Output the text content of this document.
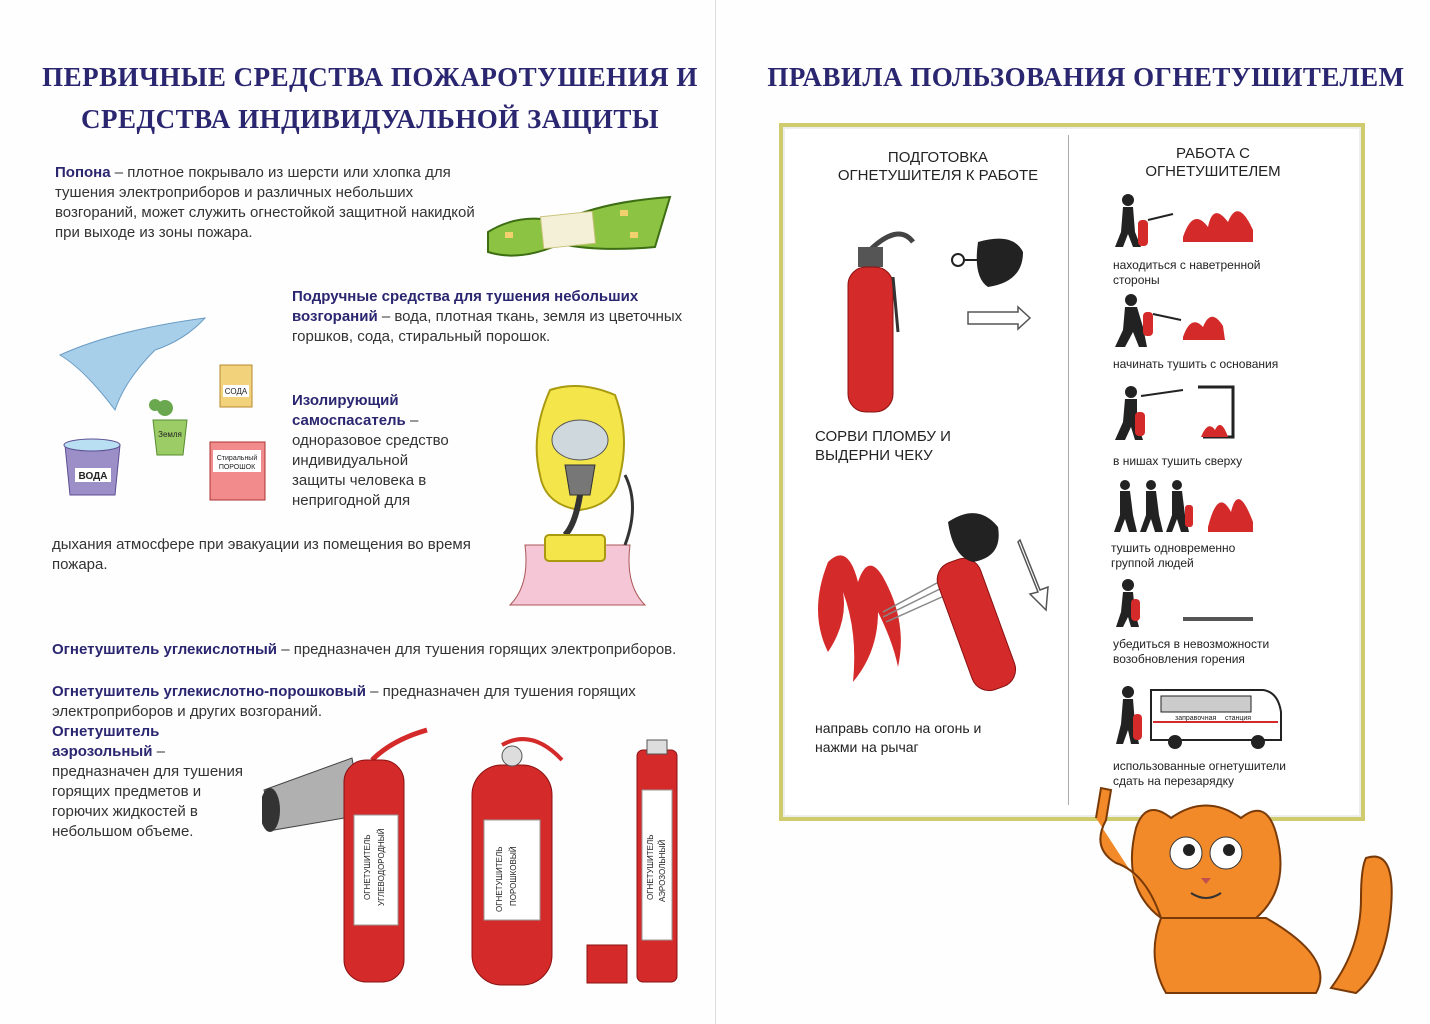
ПЕРВИЧНЫЕ СРЕДСТВА ПОЖАРОТУШЕНИЯ И
СРЕДСТВА ИНДИВИДУАЛЬНОЙ ЗАЩИТЫ
Попона – плотное покрывало из шерсти или хлопка для тушения электроприборов и различных небольших возгораний, может служить огнестойкой защитной накидкой при выходе из зоны пожара.
Подручные средства для тушения небольших возгораний – вода, плотная ткань, земля из цветочных горшков, сода, стиральный порошок.
Изолирующий самоспасатель – одноразовое средство индивидуальной защиты человека в непригодной для
дыхания атмосфере при эвакуации из помещения во время пожара.
СОДА
Земля
ВОДА
Стиральный
ПОРОШОК
Огнетушитель углекислотный – предназначен для тушения горящих электроприборов.
Огнетушитель углекислотно-порошковый – предназначен для тушения горящих электроприборов и других возгораний.
Огнетушитель аэрозольный – предназначен для тушения горящих предметов и горючих жидкостей в небольшом объеме.
ОГНЕТУШИТЕЛЬ УГЛЕВОДОРОДНЫЙ	ОГНЕТУШИТЕЛЬ ПОРОШКОВЫЙ	ОГНЕТУШИТЕЛЬ АЭРОЗОЛЬНЫЙ
ПРАВИЛА ПОЛЬЗОВАНИЯ ОГНЕТУШИТЕЛЕМ
ПОДГОТОВКА
ОГНЕТУШИТЕЛЯ К РАБОТЕ
РАБОТА С
ОГНЕТУШИТЕЛЕМ
СОРВИ ПЛОМБУ И
ВЫДЕРНИ ЧЕКУ
направь сопло на огонь и
нажми на рычаг
находиться с наветренной
стороны
начинать тушить с основания
в нишах тушить сверху
тушить одновременно
группой людей
убедиться в невозможности
возобновления горения
заправочная станция
использованные огнетушители
сдать на перезарядку
